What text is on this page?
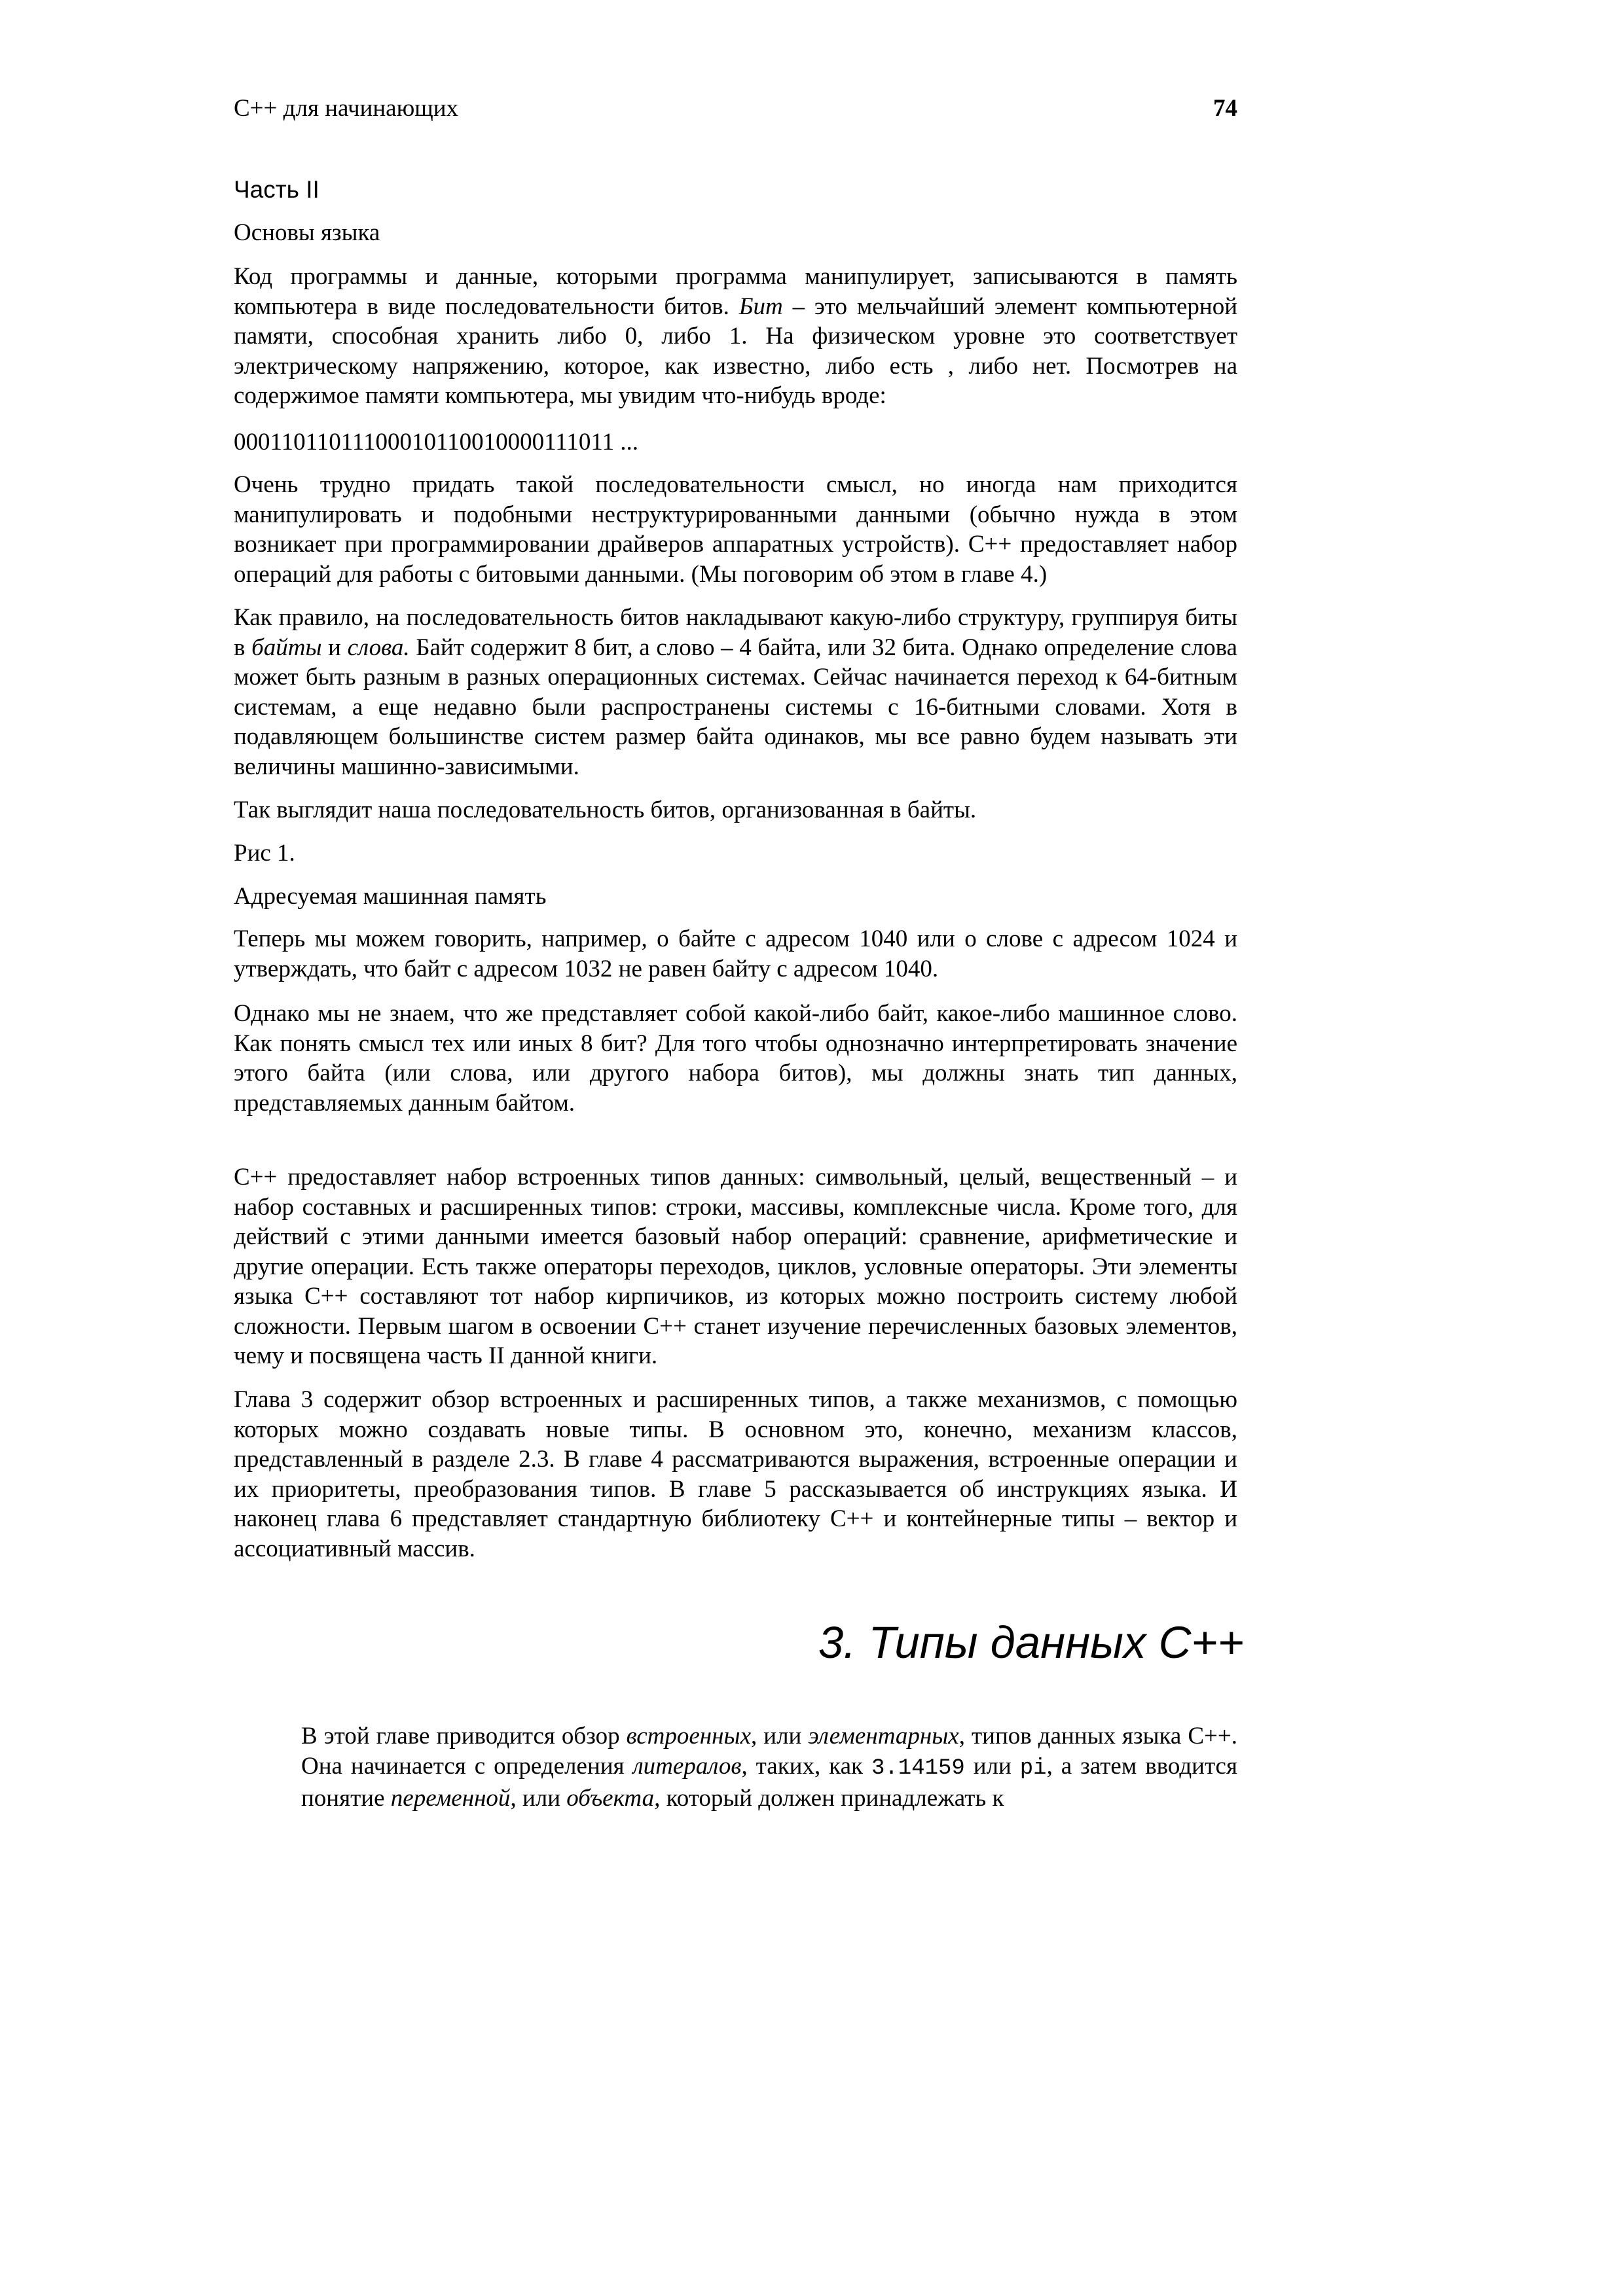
C++ для начинающих	74
Часть II
Основы языка
Код программы и данные, которыми программа манипулирует, записываются в память компьютера в виде последовательности битов. Бит – это мельчайший элемент компьютерной памяти, способная хранить либо 0, либо 1. На физическом уровне это соответствует электрическому напряжению, которое, как известно, либо есть , либо нет. Посмотрев на содержимое памяти компьютера, мы увидим что-нибудь вроде:
00011011011100010110010000111011 ...
Очень трудно придать такой последовательности смысл, но иногда нам приходится манипулировать и подобными неструктурированными данными (обычно нужда в этом возникает при программировании драйверов аппаратных устройств). С++ предоставляет набор операций для работы с битовыми данными. (Мы поговорим об этом в главе 4.)
Как правило, на последовательность битов накладывают какую-либо структуру, группируя биты в байты и слова. Байт содержит 8 бит, а слово – 4 байта, или 32 бита. Однако определение слова может быть разным в разных операционных системах. Сейчас начинается переход к 64-битным системам, а еще недавно были распространены системы с 16-битными словами. Хотя в подавляющем большинстве систем размер байта одинаков, мы все равно будем называть эти величины машинно-зависимыми.
Так выглядит наша последовательность битов, организованная в байты.
Рис 1.
Адресуемая машинная память
Теперь мы можем говорить, например, о байте с адресом 1040 или о слове с адресом 1024 и утверждать, что байт с адресом 1032 не равен байту с адресом 1040.
Однако мы не знаем, что же представляет собой какой-либо байт, какое-либо машинное слово. Как понять смысл тех или иных 8 бит? Для того чтобы однозначно интерпретировать значение этого байта (или слова, или другого набора битов), мы должны знать тип данных, представляемых данным байтом.
С++ предоставляет набор встроенных типов данных: символьный, целый, вещественный – и набор составных и расширенных типов: строки, массивы, комплексные числа. Кроме того, для действий с этими данными имеется базовый набор операций: сравнение, арифметические и другие операции. Есть также операторы переходов, циклов, условные операторы. Эти элементы языка С++ составляют тот набор кирпичиков, из которых можно построить систему любой сложности. Первым шагом в освоении С++ станет изучение перечисленных базовых элементов, чему и посвящена часть II данной книги.
Глава 3 содержит обзор встроенных и расширенных типов, а также механизмов, с помощью которых можно создавать новые типы. В основном это, конечно, механизм классов, представленный в разделе 2.3. В главе 4 рассматриваются выражения, встроенные операции и их приоритеты, преобразования типов. В главе 5 рассказывается об инструкциях языка. И наконец глава 6 представляет стандартную библиотеку С++ и контейнерные типы – вектор и ассоциативный массив.
3. Типы данных С++
В этой главе приводится обзор встроенных, или элементарных, типов данных языка С++. Она начинается с определения литералов, таких, как 3.14159 или pi, а затем вводится понятие переменной, или объекта, который должен принадлежать к
